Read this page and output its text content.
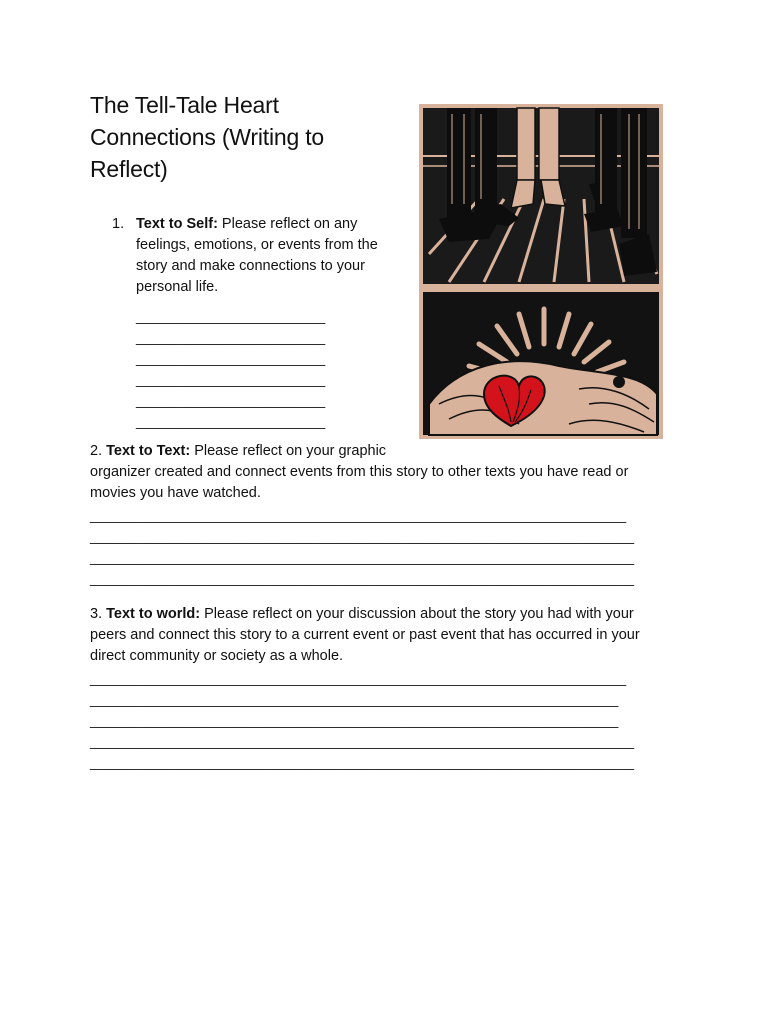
The Tell-Tale Heart
Connections (Writing to
Reflect)
1. Text to Self: Please reflect on any
feelings, emotions, or events from the
story and make connections to your
personal life.
________________________
________________________
________________________
________________________
________________________
________________________
2. Text to Text: Please reflect on your graphic
organizer created and connect events from this story to other texts you have read or
movies you have watched.
____________________________________________________________________
_____________________________________________________________________
_____________________________________________________________________
_____________________________________________________________________
3. Text to world: Please reflect on your discussion about the story you had with your
peers and connect this story to a current event or past event that has occurred in your
direct community or society as a whole.
____________________________________________________________________
___________________________________________________________________
___________________________________________________________________
_____________________________________________________________________
_____________________________________________________________________
